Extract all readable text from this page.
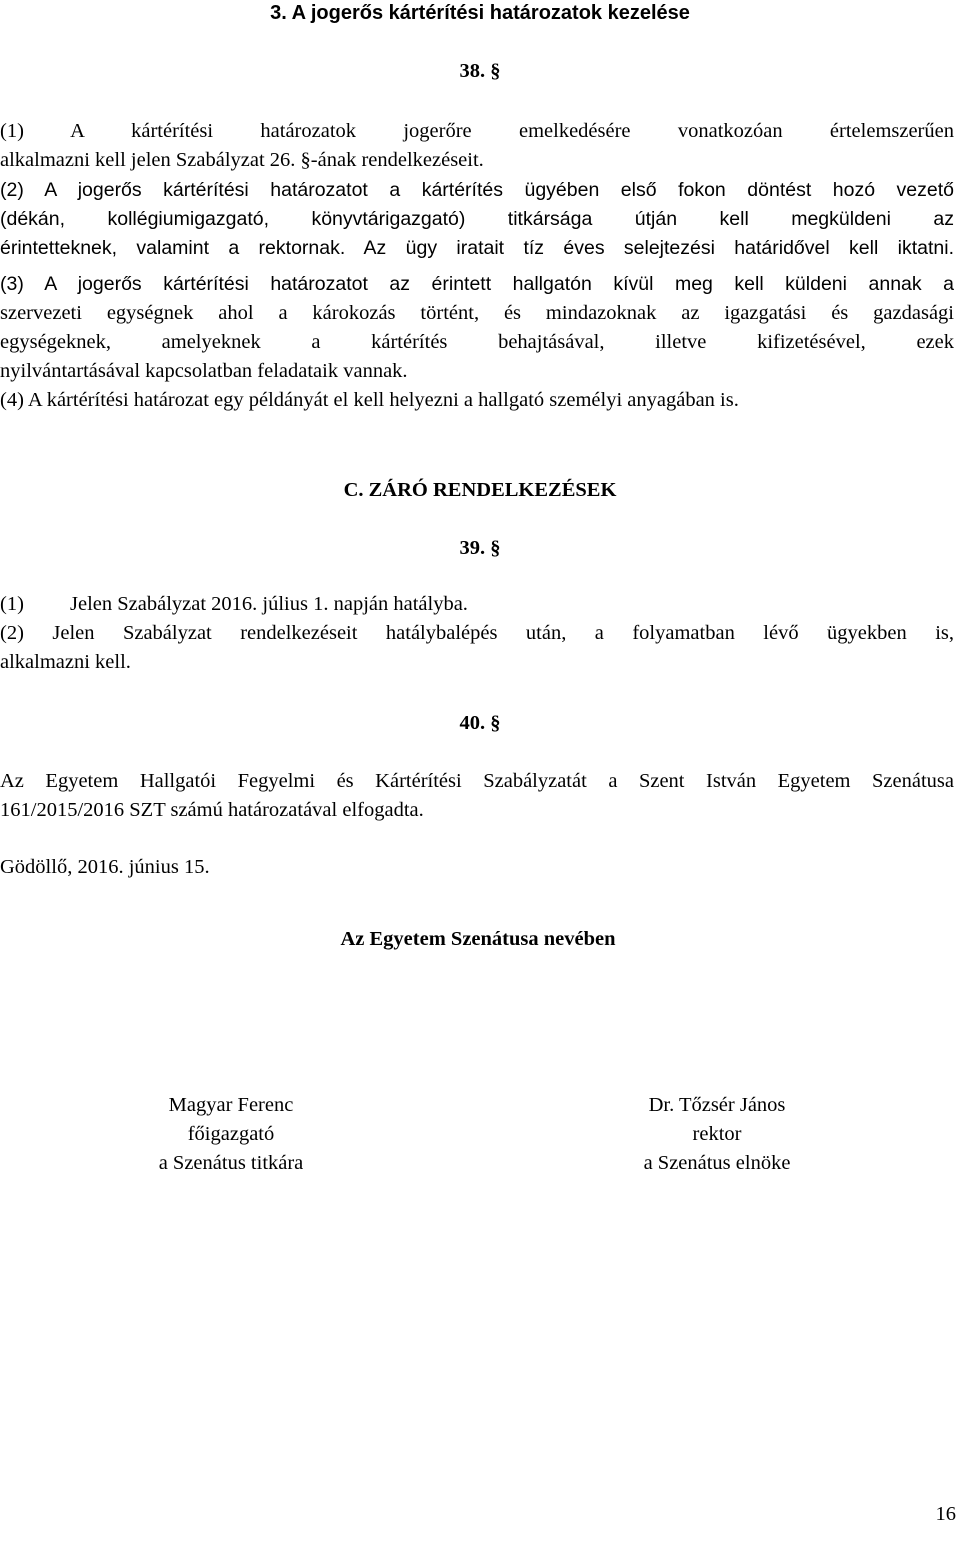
3. A jogerős kártérítési határozatok kezelése
38. §
(1) A kártérítési határozatok jogerőre emelkedésére vonatkozóan értelemszerűen
alkalmazni kell jelen Szabályzat 26. §-ának rendelkezéseit.
(2) A jogerős kártérítési határozatot a kártérítés ügyében első fokon döntést hozó vezető
(dékán, kollégiumigazgató, könyvtárigazgató) titkársága útján kell megküldeni az
érintetteknek, valamint a rektornak. Az ügy iratait tíz éves selejtezési határidővel kell iktatni.
(3) A jogerős kártérítési határozatot az érintett hallgatón kívül meg kell küldeni annak a
szervezeti egységnek ahol a károkozás történt, és mindazoknak az igazgatási és gazdasági
egységeknek, amelyeknek a kártérítés behajtásával, illetve kifizetésével, ezek
nyilvántartásával kapcsolatban feladataik vannak.
(4) A kártérítési határozat egy példányát el kell helyezni a hallgató személyi anyagában is.
C. ZÁRÓ RENDELKEZÉSEK
39. §
(1) Jelen Szabályzat 2016. július 1. napján hatályba.
(2) Jelen Szabályzat rendelkezéseit hatálybalépés után, a folyamatban lévő ügyekben is,
alkalmazni kell.
40. §
Az Egyetem Hallgatói Fegyelmi és Kártérítési Szabályzatát a Szent István Egyetem Szenátusa
161/2015/2016 SZT számú határozatával elfogadta.
Gödöllő, 2016. június 15.
Az Egyetem Szenátusa nevében
Magyar Ferenc
főigazgató
a Szenátus titkára
Dr. Tőzsér János
rektor
a Szenátus elnöke
16
